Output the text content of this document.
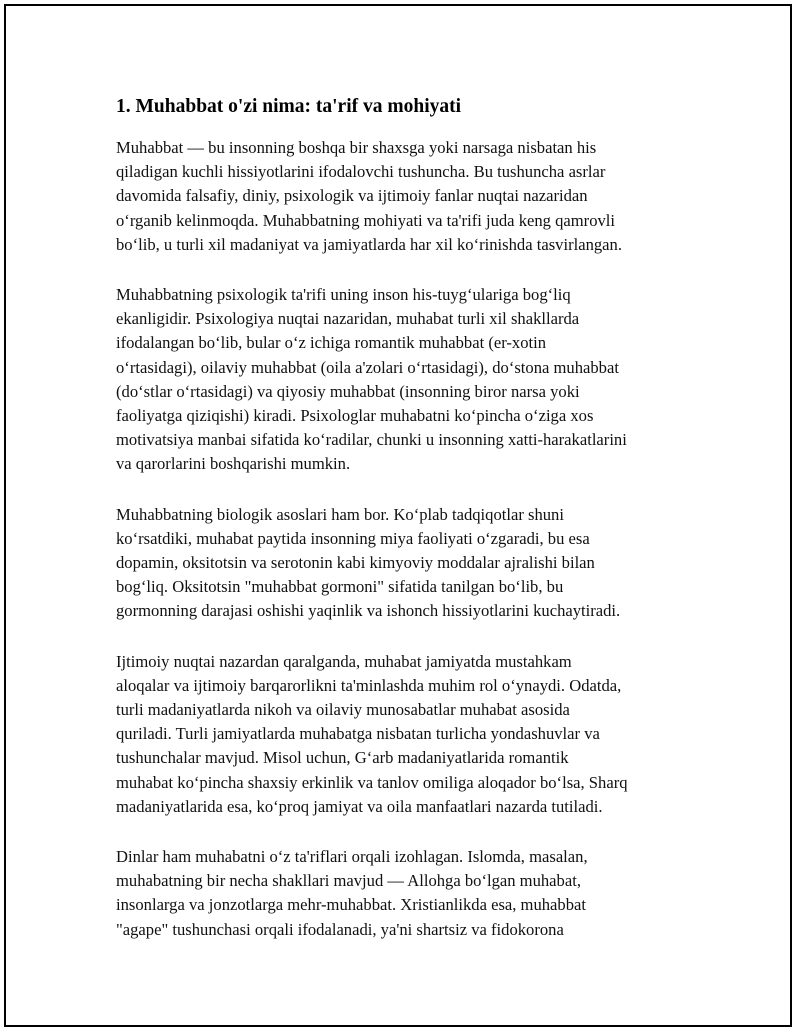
1. Muhabbat o'zi nima: ta'rif va mohiyati

Muhabbat — bu insonning boshqa bir shaxsga yoki narsaga nisbatan his
qiladigan kuchli hissiyotlarini ifodalovchi tushuncha. Bu tushuncha asrlar
davomida falsafiy, diniy, psixologik va ijtimoiy fanlar nuqtai nazaridan
o‘rganib kelinmoqda. Muhabbatning mohiyati va ta'rifi juda keng qamrovli
bo‘lib, u turli xil madaniyat va jamiyatlarda har xil ko‘rinishda tasvirlangan.

Muhabbatning psixologik ta'rifi uning inson his-tuyg‘ulariga bog‘liq
ekanligidir. Psixologiya nuqtai nazaridan, muhabat turli xil shakllarda
ifodalangan bo‘lib, bular o‘z ichiga romantik muhabbat (er-xotin
o‘rtasidagi), oilaviy muhabbat (oila a'zolari o‘rtasidagi), do‘stona muhabbat
(do‘stlar o‘rtasidagi) va qiyosiy muhabbat (insonning biror narsa yoki
faoliyatga qiziqishi) kiradi. Psixologlar muhabatni ko‘pincha o‘ziga xos
motivatsiya manbai sifatida ko‘radilar, chunki u insonning xatti-harakatlarini
va qarorlarini boshqarishi mumkin.

Muhabbatning biologik asoslari ham bor. Ko‘plab tadqiqotlar shuni
ko‘rsatdiki, muhabat paytida insonning miya faoliyati o‘zgaradi, bu esa
dopamin, oksitotsin va serotonin kabi kimyoviy moddalar ajralishi bilan
bog‘liq. Oksitotsin "muhabbat gormoni" sifatida tanilgan bo‘lib, bu
gormonning darajasi oshishi yaqinlik va ishonch hissiyotlarini kuchaytiradi.

Ijtimoiy nuqtai nazardan qaralganda, muhabat jamiyatda mustahkam
aloqalar va ijtimoiy barqarorlikni ta'minlashda muhim rol o‘ynaydi. Odatda,
turli madaniyatlarda nikoh va oilaviy munosabatlar muhabat asosida
quriladi. Turli jamiyatlarda muhabatga nisbatan turlicha yondashuvlar va
tushunchalar mavjud. Misol uchun, G‘arb madaniyatlarida romantik
muhabat ko‘pincha shaxsiy erkinlik va tanlov omiliga aloqador bo‘lsa, Sharq
madaniyatlarida esa, ko‘proq jamiyat va oila manfaatlari nazarda tutiladi.

Dinlar ham muhabatni o‘z ta'riflari orqali izohlagan. Islomda, masalan,
muhabatning bir necha shakllari mavjud — Allohga bo‘lgan muhabat,
insonlarga va jonzotlarga mehr-muhabbat. Xristianlikda esa, muhabbat
"agape" tushunchasi orqali ifodalanadi, ya'ni shartsiz va fidokorona
